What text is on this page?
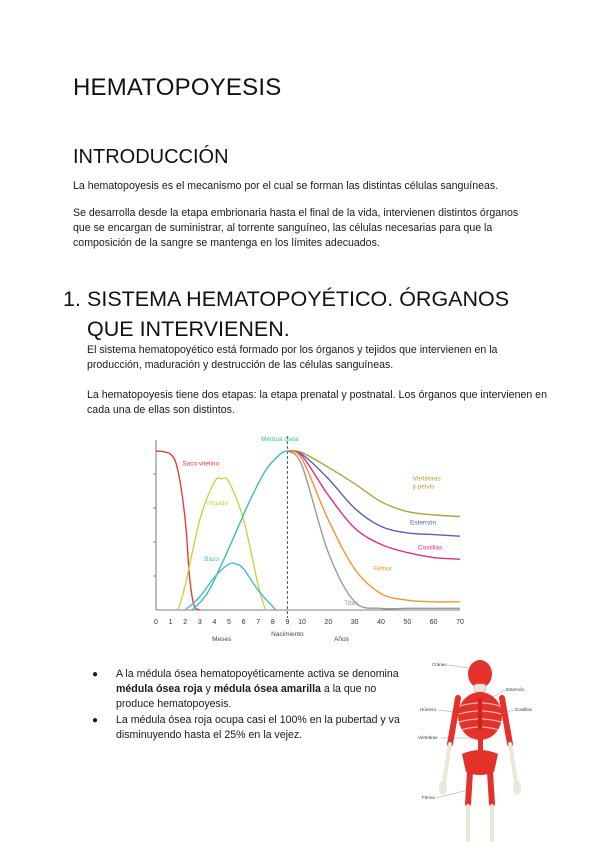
HEMATOPOYESIS
INTRODUCCIÓN
La hematopoyesis es el mecanismo por el cual se forman las distintas células sanguíneas.
Se desarrolla desde la etapa embrionaria hasta el final de la vida, intervienen distintos órganos que se encargan de suministrar, al torrente sanguíneo, las células necesarias para que la composición de la sangre se mantenga en los límites adecuados.
1. SISTEMA HEMATOPOYÉTICO. ÓRGANOS QUE INTERVIENEN.
El sistema hematopoyético está formado por los órganos y tejidos que intervienen en la producción, maduración y destrucción de las células sanguíneas.
La hematopoyesis tiene dos etapas: la etapa prenatal y postnatal. Los órganos que intervienen en cada una de ellas son distintos.
0 1 2 3 4 5 6 7 8 9 10	20	30	40	50	60	70
Meses
Nacimiento
Años
Saco vitelino
Hígado
Médula ósea
Bazo
Vértebras
y pelvis
Esternón
Costillas
Fémur
Tibia
● A la médula ósea hematopoyéticamente activa se denomina médula ósea roja y médula ósea amarilla a la que no produce hematopoyesis.
● La médula ósea roja ocupa casi el 100% en la pubertad y va disminuyendo hasta el 25% en la vejez.
Cráneo
Esternón
Húmero	Costillas
Vértebras
Fémur
